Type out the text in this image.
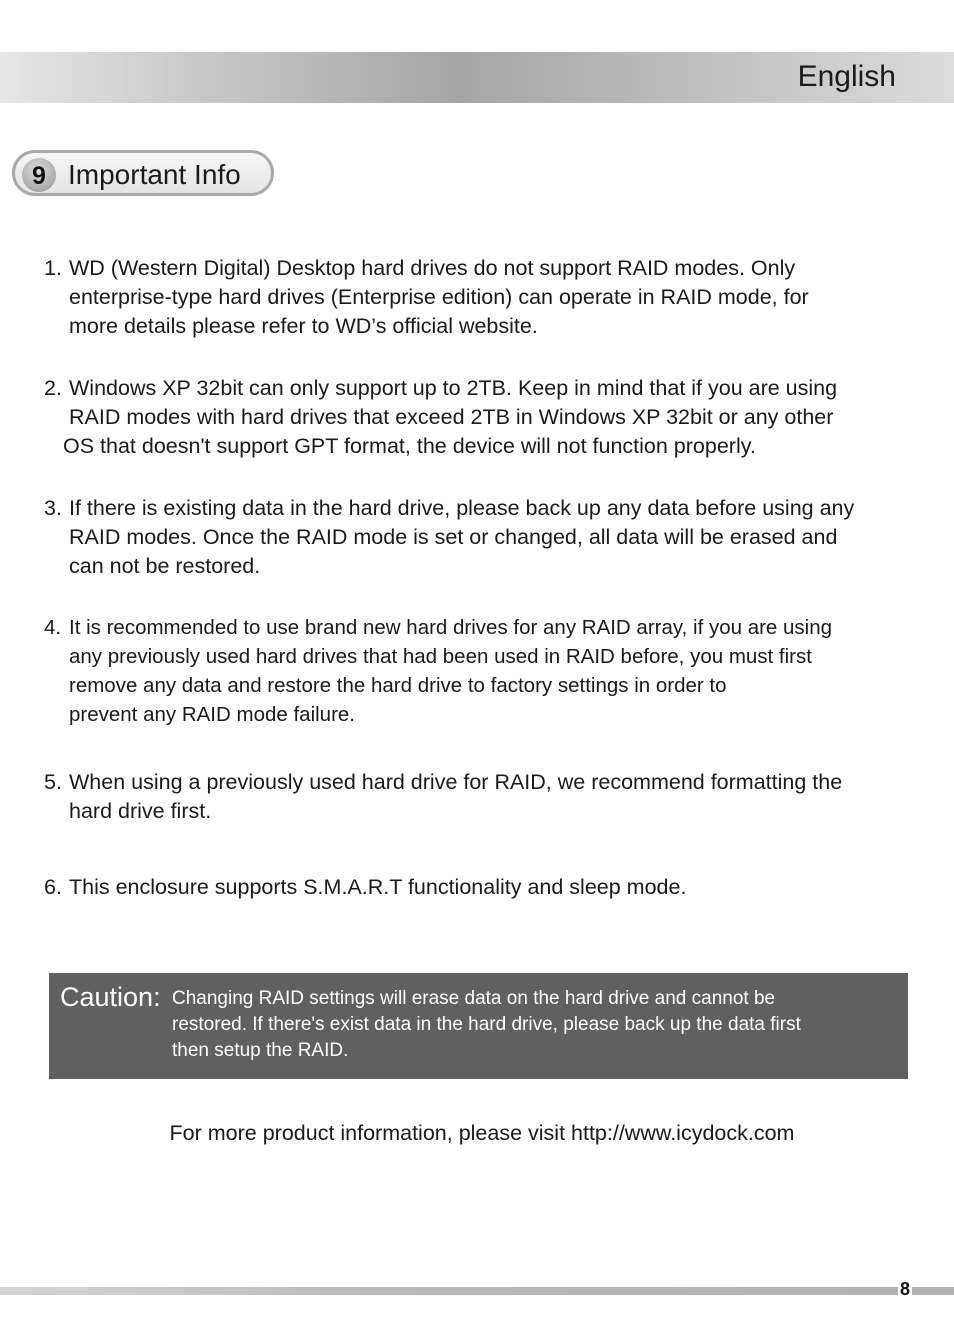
English
9 Important Info
1. WD (Western Digital) Desktop hard drives do not support RAID modes. Only
enterprise-type hard drives (Enterprise edition) can operate in RAID mode, for
more details please refer to WD’s official website.
2. Windows XP 32bit can only support up to 2TB. Keep in mind that if you are using
RAID modes with hard drives that exceed 2TB in Windows XP 32bit or any other
OS that doesn't support GPT format, the device will not function properly.
3. If there is existing data in the hard drive, please back up any data before using any
RAID modes. Once the RAID mode is set or changed, all data will be erased and
can not be restored.
4. It is recommended to use brand new hard drives for any RAID array, if you are using
any previously used hard drives that had been used in RAID before, you must first
remove any data and restore the hard drive to factory settings in order to
prevent any RAID mode failure.
5. When using a previously used hard drive for RAID, we recommend formatting the
hard drive first.
6. This enclosure supports S.M.A.R.T functionality and sleep mode.
Caution: Changing RAID settings will erase data on the hard drive and cannot be
restored. If there's exist data in the hard drive, please back up the data first
then setup the RAID.
For more product information, please visit http://www.icydock.com
8
